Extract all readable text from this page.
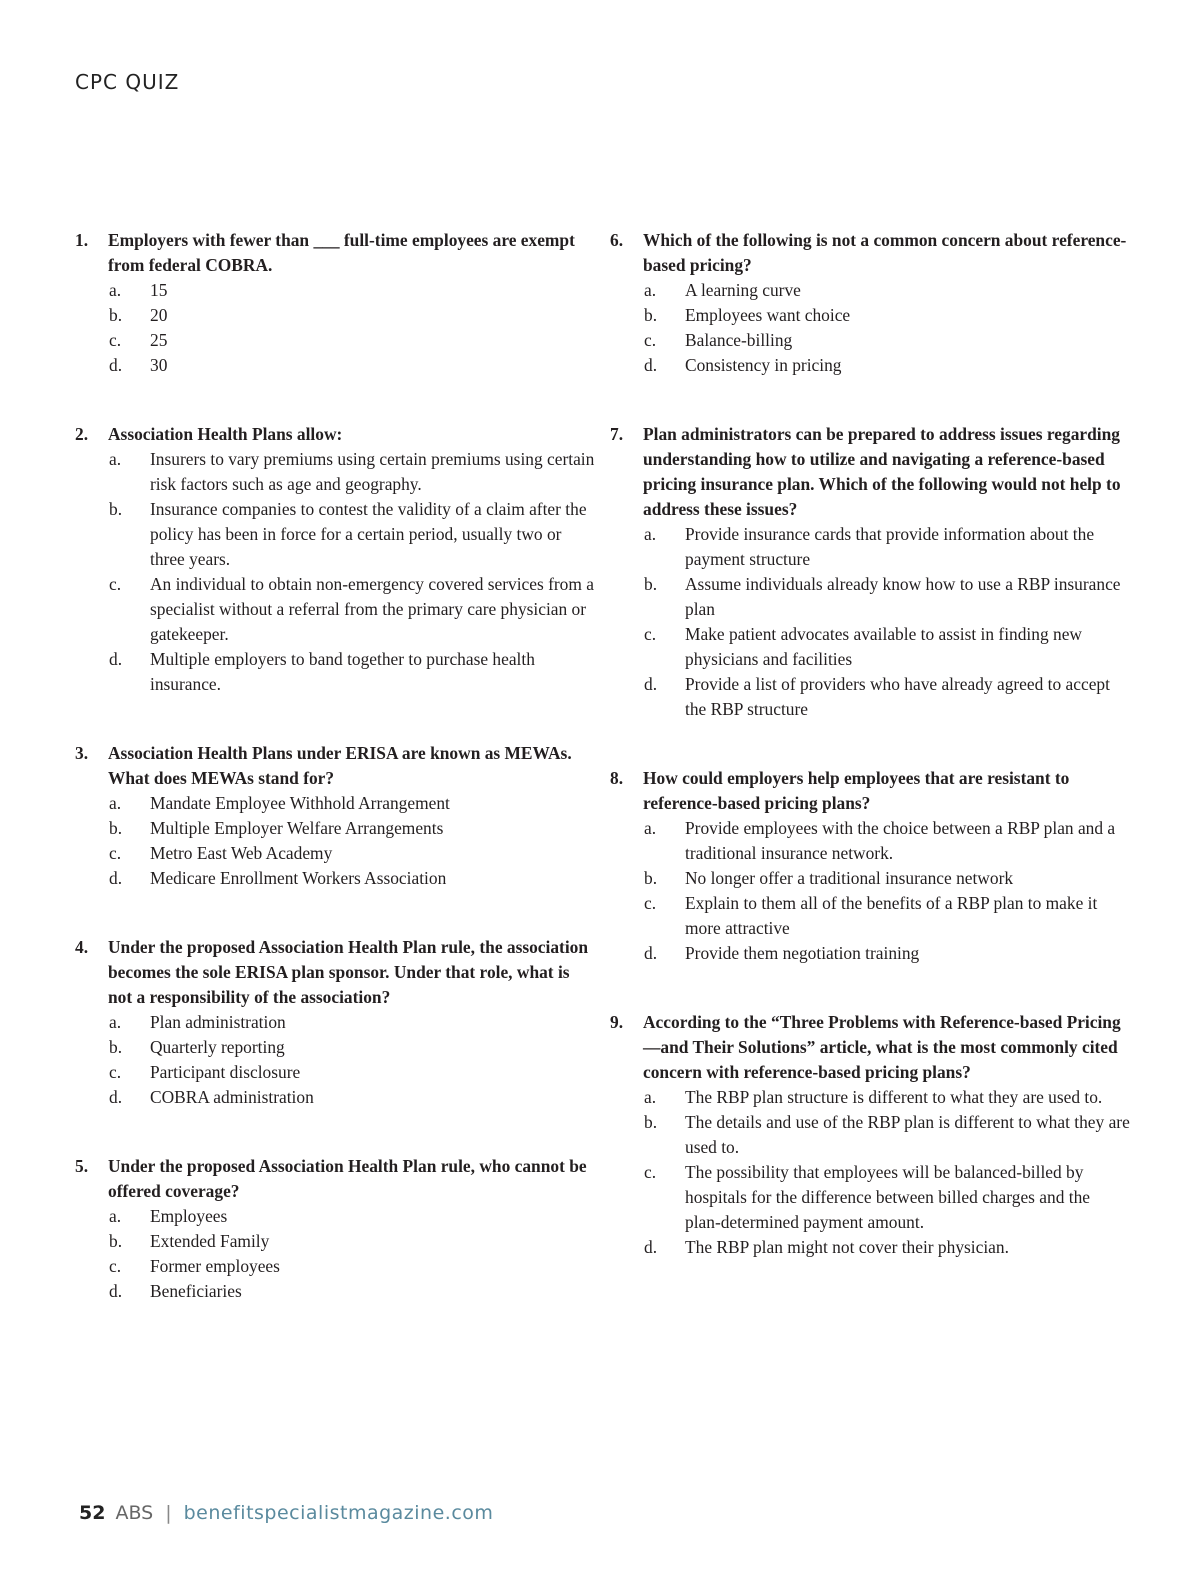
CPC QUIZ
1.	Employers with fewer than ___ full-time employees are exempt from federal COBRA.
a.	15
b.	20
c.	25
d.	30
2.	Association Health Plans allow:
a.	Insurers to vary premiums using certain premiums using certain risk factors such as age and geography.
b.	Insurance companies to contest the validity of a claim after the policy has been in force for a certain period, usually two or three years.
c.	An individual to obtain non-emergency covered services from a specialist without a referral from the primary care physician or gatekeeper.
d.	Multiple employers to band together to purchase health insurance.
3.	Association Health Plans under ERISA are known as MEWAs. What does MEWAs stand for?
a.	Mandate Employee Withhold Arrangement
b.	Multiple Employer Welfare Arrangements
c.	Metro East Web Academy
d.	Medicare Enrollment Workers Association
4.	Under the proposed Association Health Plan rule, the association becomes the sole ERISA plan sponsor. Under that role, what is not a responsibility of the association?
a.	Plan administration
b.	Quarterly reporting
c.	Participant disclosure
d.	COBRA administration
5.	Under the proposed Association Health Plan rule, who cannot be offered coverage?
a.	Employees
b.	Extended Family
c.	Former employees
d.	Beneficiaries
6.	Which of the following is not a common concern about reference-based pricing?
a.	A learning curve
b.	Employees want choice
c.	Balance-billing
d.	Consistency in pricing
7.	Plan administrators can be prepared to address issues regarding understanding how to utilize and navigating a reference-based pricing insurance plan. Which of the following would not help to address these issues?
a.	Provide insurance cards that provide information about the payment structure
b.	Assume individuals already know how to use a RBP insurance plan
c.	Make patient advocates available to assist in finding new physicians and facilities
d.	Provide a list of providers who have already agreed to accept the RBP structure
8.	How could employers help employees that are resistant to reference-based pricing plans?
a.	Provide employees with the choice between a RBP plan and a traditional insurance network.
b.	No longer offer a traditional insurance network
c.	Explain to them all of the benefits of a RBP plan to make it more attractive
d.	Provide them negotiation training
9.	According to the “Three Problems with Reference-based Pricing—and Their Solutions” article, what is the most commonly cited concern with reference-based pricing plans?
a.	The RBP plan structure is different to what they are used to.
b.	The details and use of the RBP plan is different to what they are used to.
c.	The possibility that employees will be balanced-billed by hospitals for the difference between billed charges and the plan-determined payment amount.
d.	The RBP plan might not cover their physician.
52 ABS | benefitspecialistmagazine.com
